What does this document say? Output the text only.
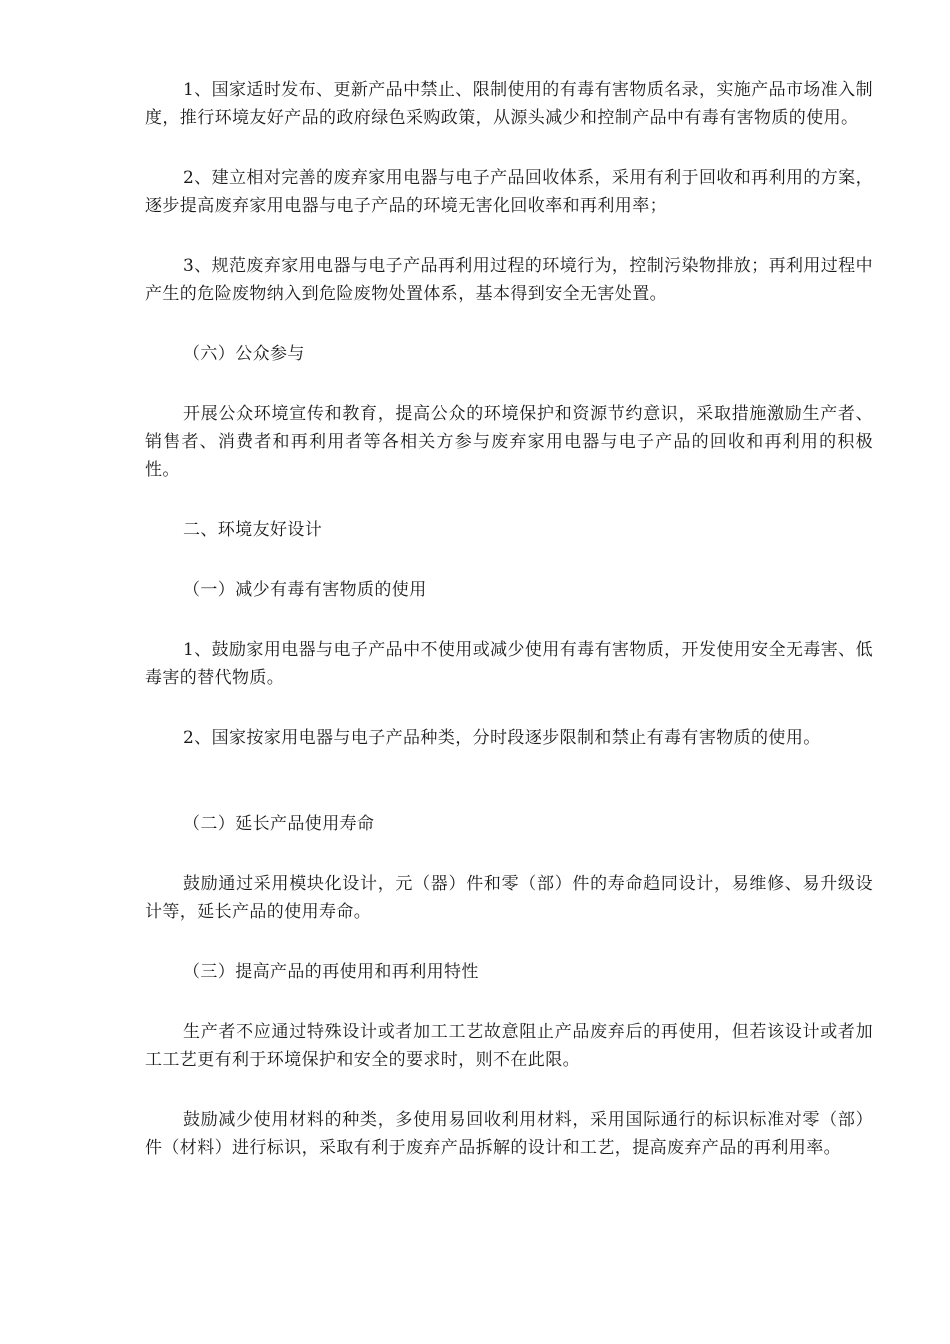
1、国家适时发布、更新产品中禁止、限制使用的有毒有害物质名录，实施产品市场准入制度，推行环境友好产品的政府绿色采购政策，从源头减少和控制产品中有毒有害物质的使用。

2、建立相对完善的废弃家用电器与电子产品回收体系，采用有利于回收和再利用的方案，逐步提高废弃家用电器与电子产品的环境无害化回收率和再利用率；

3、规范废弃家用电器与电子产品再利用过程的环境行为，控制污染物排放；再利用过程中产生的危险废物纳入到危险废物处置体系，基本得到安全无害处置。

（六）公众参与

开展公众环境宣传和教育，提高公众的环境保护和资源节约意识，采取措施激励生产者、销售者、消费者和再利用者等各相关方参与废弃家用电器与电子产品的回收和再利用的积极性。

二、环境友好设计

（一）减少有毒有害物质的使用

1、鼓励家用电器与电子产品中不使用或减少使用有毒有害物质，开发使用安全无毒害、低毒害的替代物质。

2、国家按家用电器与电子产品种类，分时段逐步限制和禁止有毒有害物质的使用。

（二）延长产品使用寿命

鼓励通过采用模块化设计，元（器）件和零（部）件的寿命趋同设计，易维修、易升级设计等，延长产品的使用寿命。

（三）提高产品的再使用和再利用特性

生产者不应通过特殊设计或者加工工艺故意阻止产品废弃后的再使用，但若该设计或者加工工艺更有利于环境保护和安全的要求时，则不在此限。

鼓励减少使用材料的种类，多使用易回收利用材料，采用国际通行的标识标准对零（部）件（材料）进行标识，采取有利于废弃产品拆解的设计和工艺，提高废弃产品的再利用率。
